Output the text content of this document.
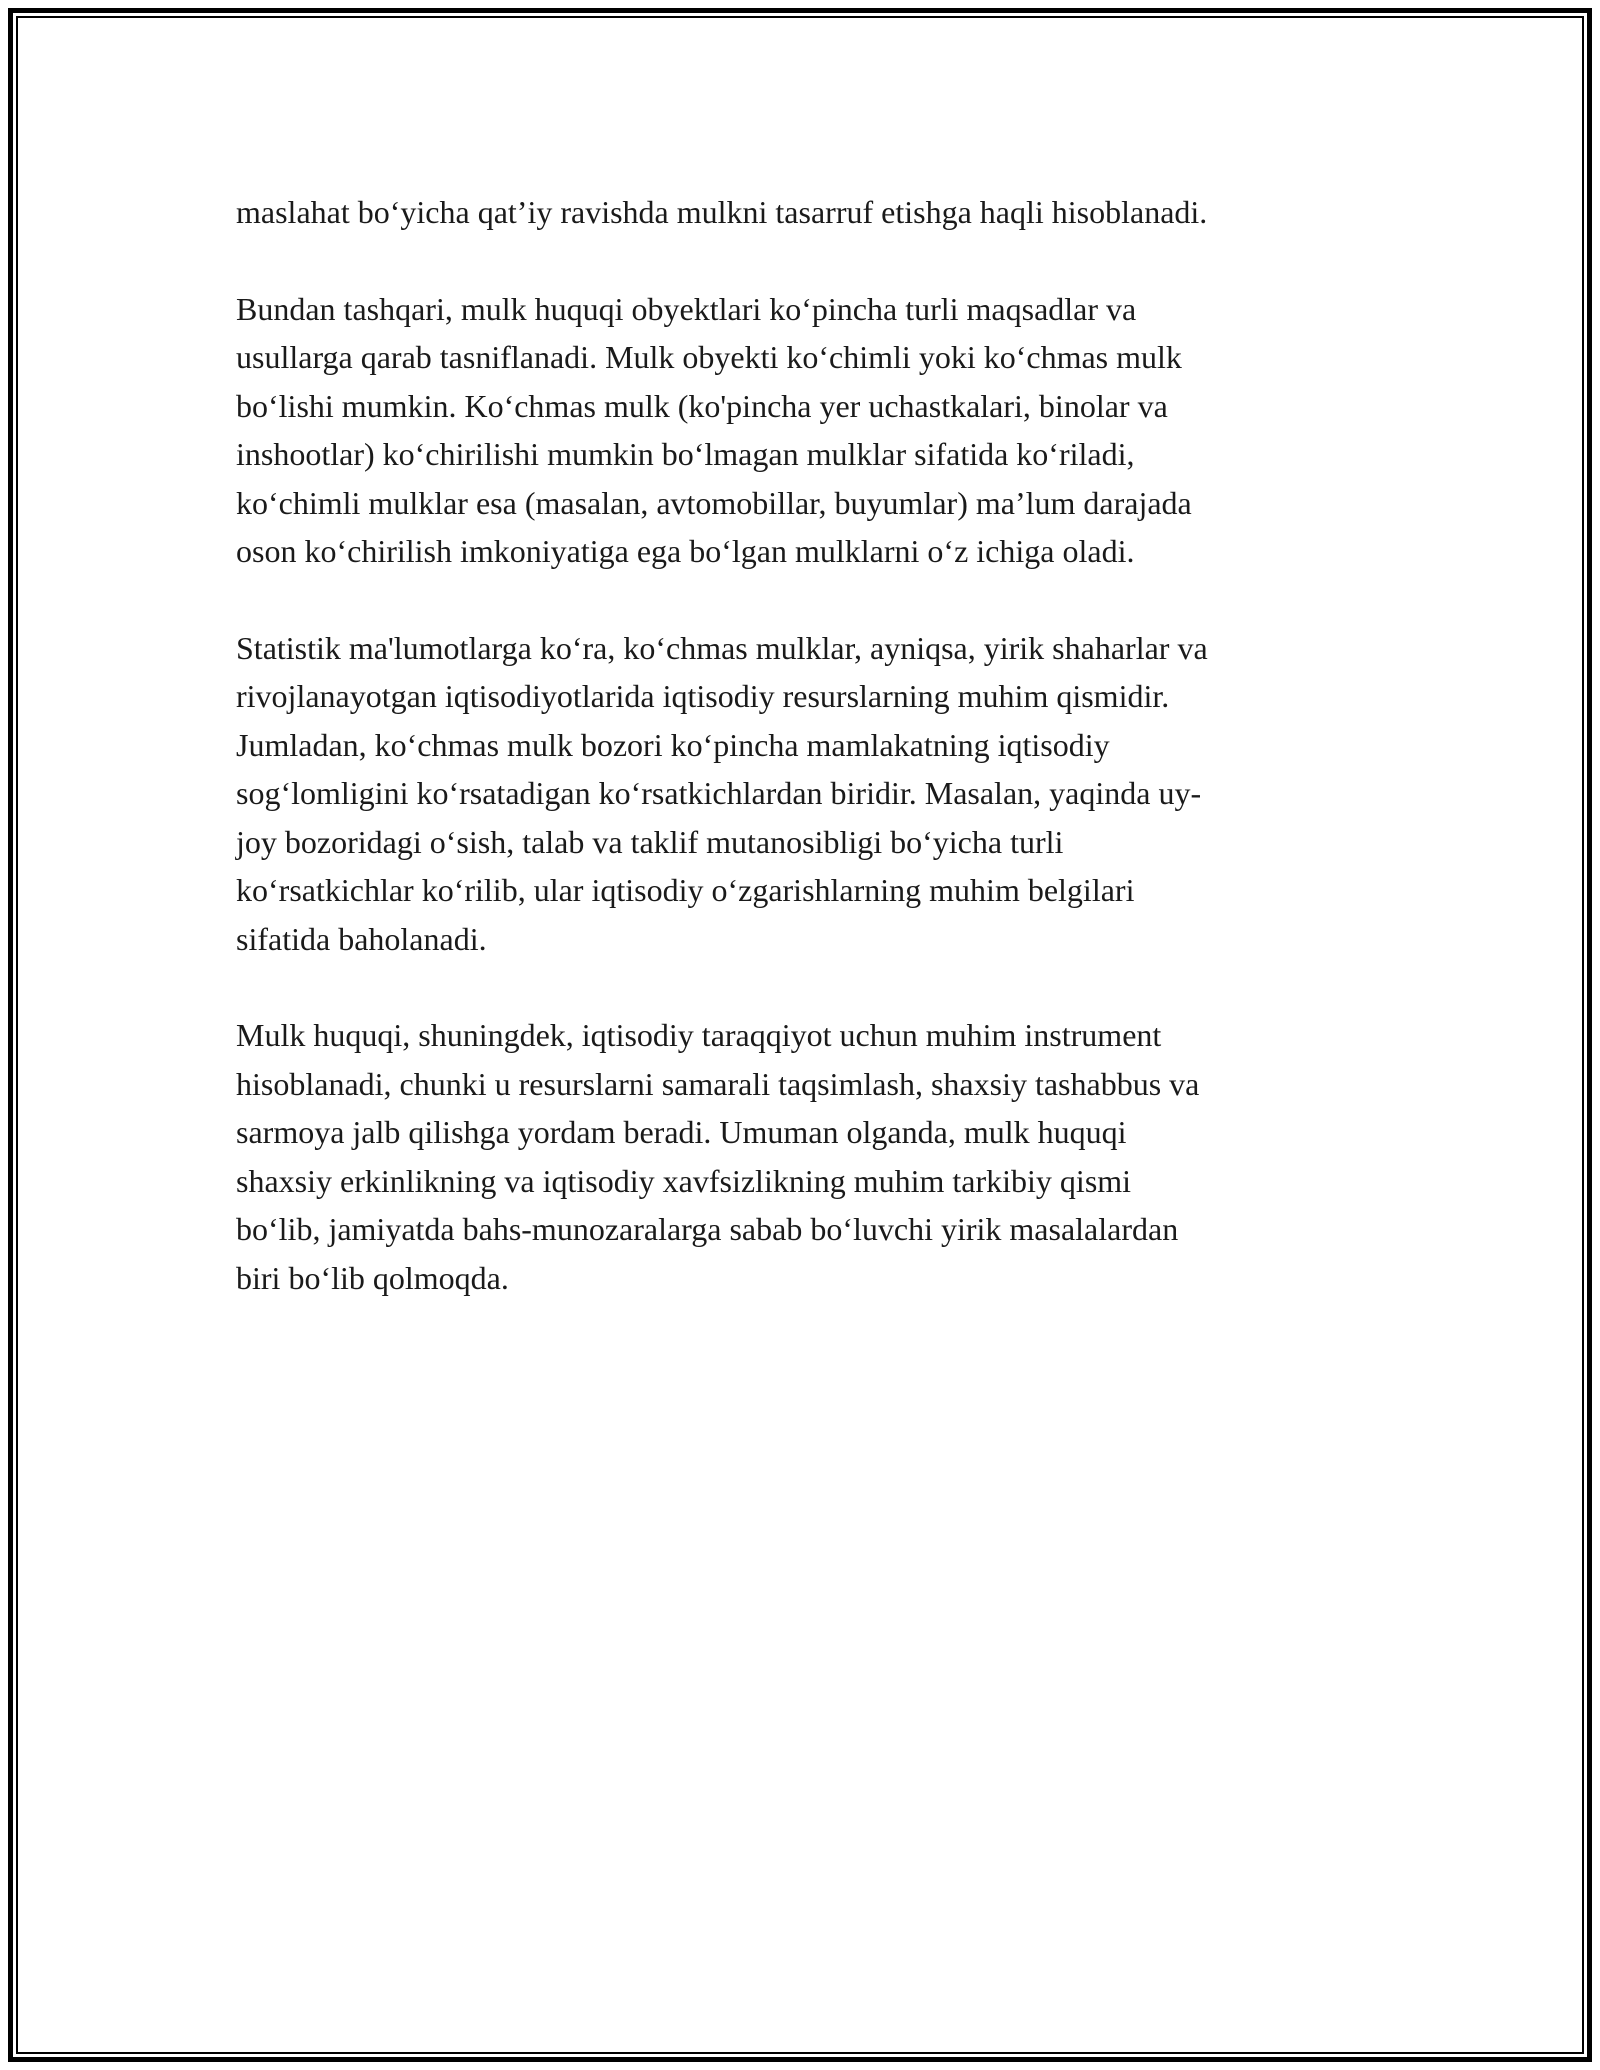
maslahat bo‘yicha qat’iy ravishda mulkni tasarruf etishga haqli hisoblanadi.

Bundan tashqari, mulk huquqi obyektlari ko‘pincha turli maqsadlar va
usullarga qarab tasniflanadi. Mulk obyekti ko‘chimli yoki ko‘chmas mulk
bo‘lishi mumkin. Ko‘chmas mulk (ko'pincha yer uchastkalari, binolar va
inshootlar) ko‘chirilishi mumkin bo‘lmagan mulklar sifatida ko‘riladi,
ko‘chimli mulklar esa (masalan, avtomobillar, buyumlar) ma’lum darajada
oson ko‘chirilish imkoniyatiga ega bo‘lgan mulklarni o‘z ichiga oladi.

Statistik ma'lumotlarga ko‘ra, ko‘chmas mulklar, ayniqsa, yirik shaharlar va
rivojlanayotgan iqtisodiyotlarida iqtisodiy resurslarning muhim qismidir.
Jumladan, ko‘chmas mulk bozori ko‘pincha mamlakatning iqtisodiy
sog‘lomligini ko‘rsatadigan ko‘rsatkichlardan biridir. Masalan, yaqinda uy-
joy bozoridagi o‘sish, talab va taklif mutanosibligi bo‘yicha turli
ko‘rsatkichlar ko‘rilib, ular iqtisodiy o‘zgarishlarning muhim belgilari
sifatida baholanadi.

Mulk huquqi, shuningdek, iqtisodiy taraqqiyot uchun muhim instrument
hisoblanadi, chunki u resurslarni samarali taqsimlash, shaxsiy tashabbus va
sarmoya jalb qilishga yordam beradi. Umuman olganda, mulk huquqi
shaxsiy erkinlikning va iqtisodiy xavfsizlikning muhim tarkibiy qismi
bo‘lib, jamiyatda bahs-munozaralarga sabab bo‘luvchi yirik masalalardan
biri bo‘lib qolmoqda.
